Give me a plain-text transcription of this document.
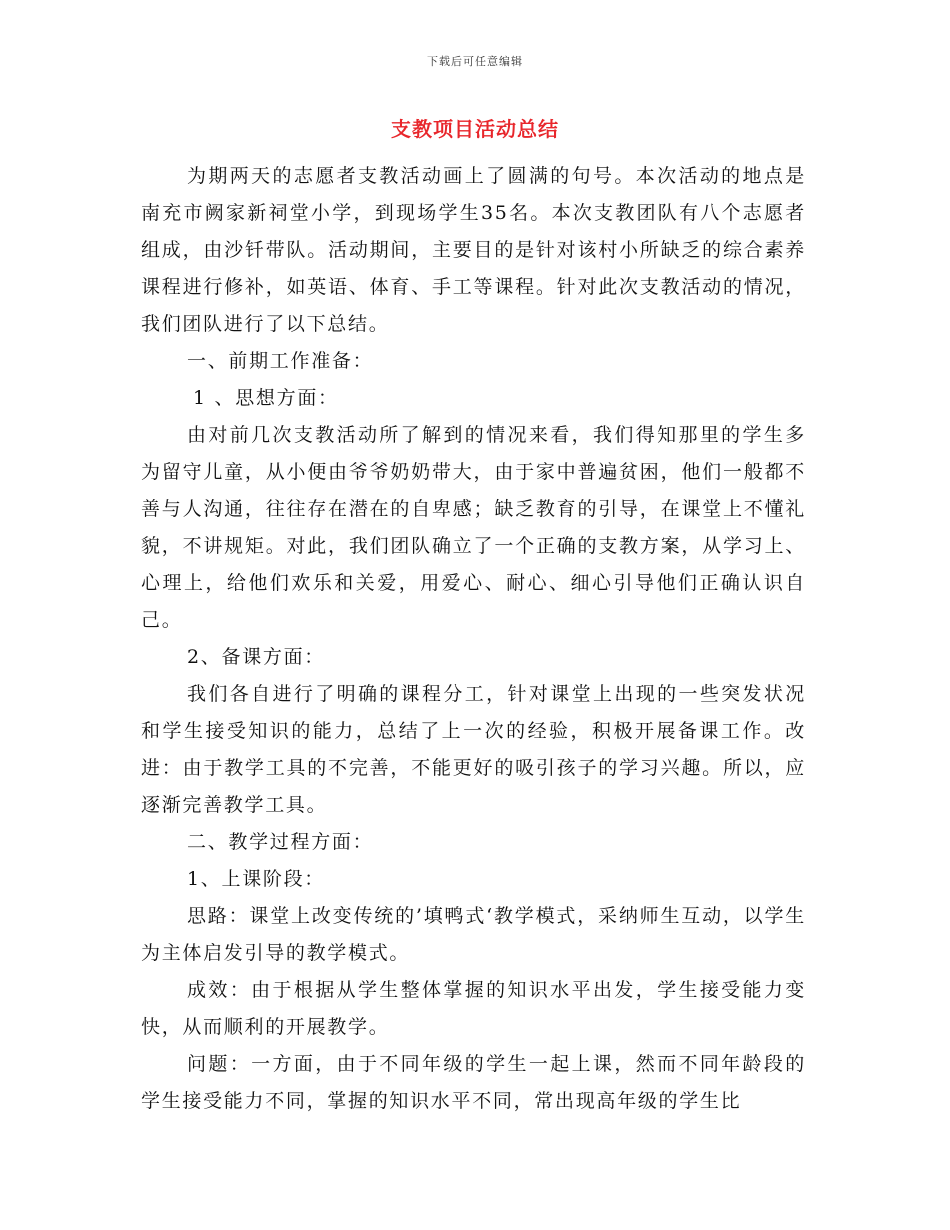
下载后可任意编辑
支教项目活动总结

为期两天的志愿者支教活动画上了圆满的句号。本次活动的地点是南充市阙家新祠堂小学，到现场学生35名。本次支教团队有八个志愿者组成，由沙钎带队。活动期间，主要目的是针对该村小所缺乏的综合素养课程进行修补，如英语、体育、手工等课程。针对此次支教活动的情况，我们团队进行了以下总结。

一、前期工作准备：

1 、思想方面：

由对前几次支教活动所了解到的情况来看，我们得知那里的学生多为留守儿童，从小便由爷爷奶奶带大，由于家中普遍贫困，他们一般都不善与人沟通，往往存在潜在的自卑感；缺乏教育的引导，在课堂上不懂礼貌，不讲规矩。对此，我们团队确立了一个正确的支教方案，从学习上、心理上，给他们欢乐和关爱，用爱心、耐心、细心引导他们正确认识自己。

2、备课方面：

我们各自进行了明确的课程分工，针对课堂上出现的一些突发状况和学生接受知识的能力，总结了上一次的经验，积极开展备课工作。改进：由于教学工具的不完善，不能更好的吸引孩子的学习兴趣。所以，应逐渐完善教学工具。

二、教学过程方面：

1、上课阶段：

思路：课堂上改变传统的’填鸭式‘教学模式，采纳师生互动，以学生为主体启发引导的教学模式。

成效：由于根据从学生整体掌握的知识水平出发，学生接受能力变快，从而顺利的开展教学。

问题：一方面，由于不同年级的学生一起上课，然而不同年龄段的学生接受能力不同，掌握的知识水平不同，常出现高年级的学生比
